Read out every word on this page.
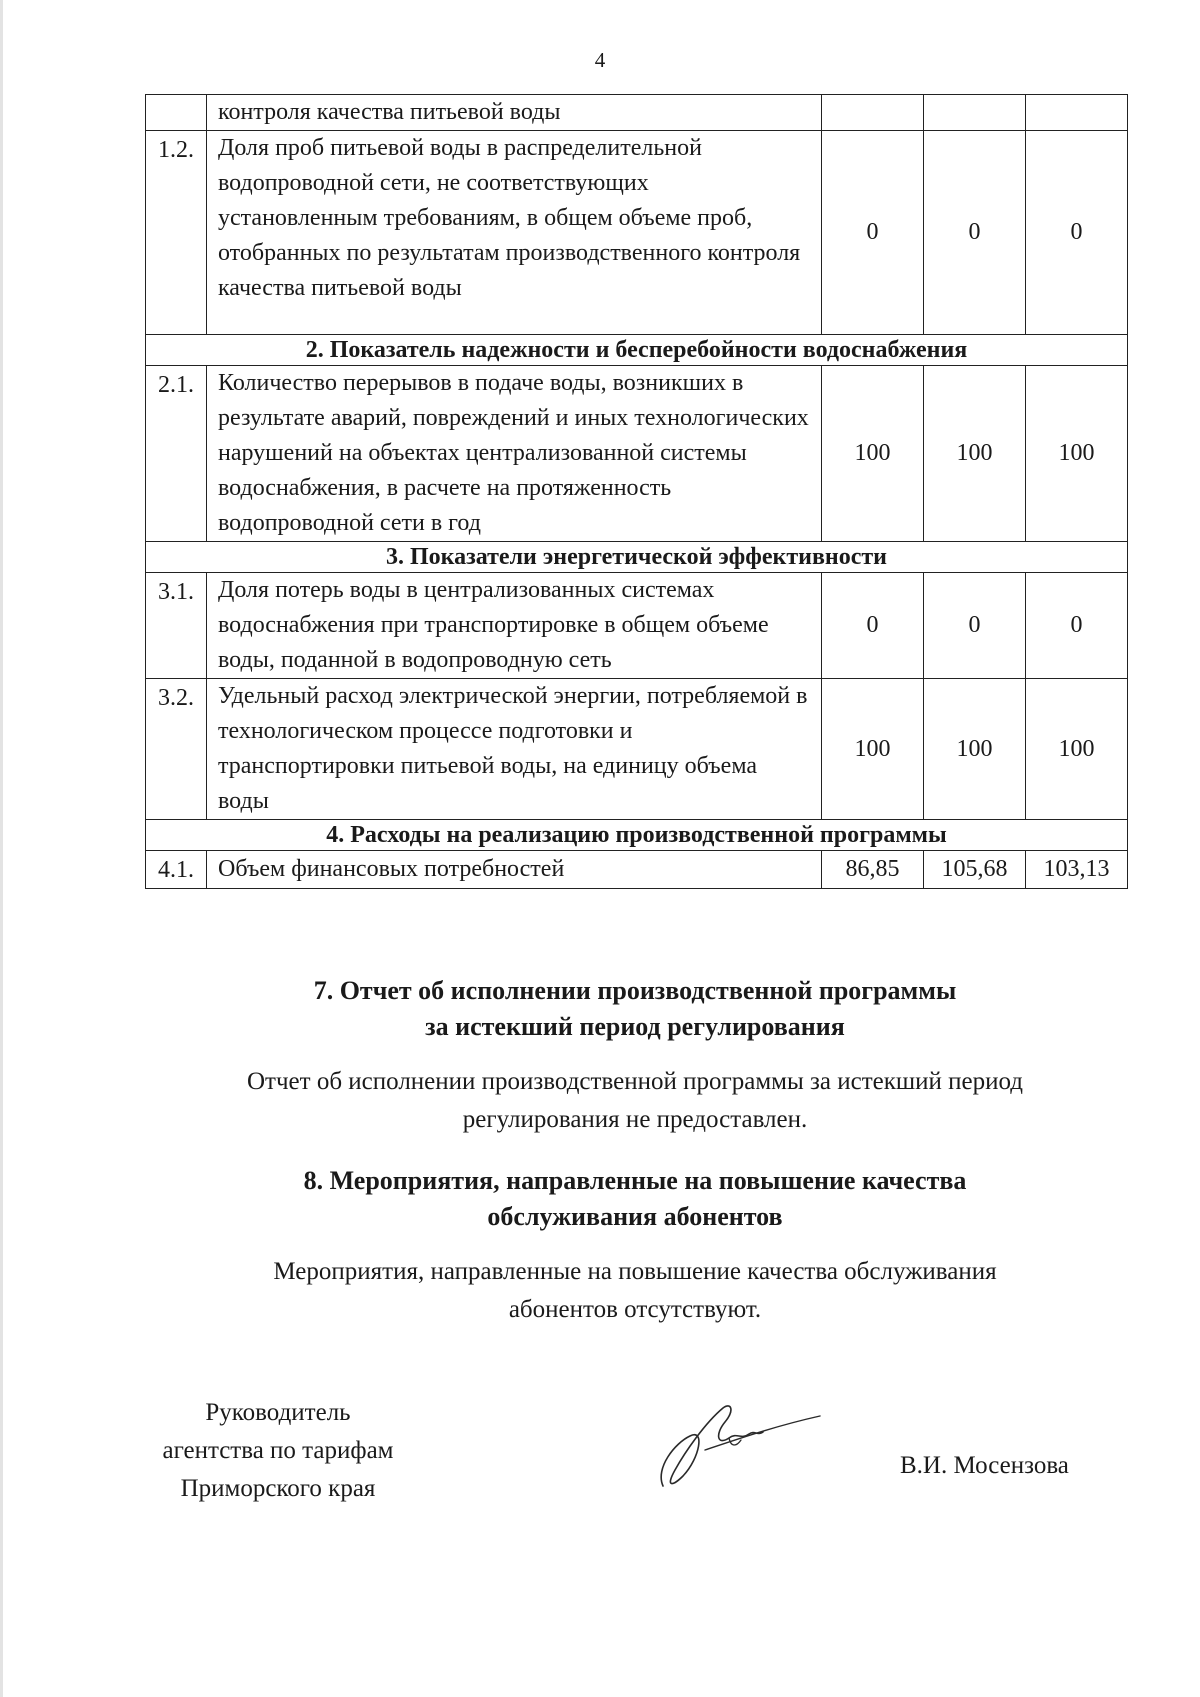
4
	контроля качества питьевой воды			
1.2.	Доля проб питьевой воды в распределительной водопроводной сети, не соответствующих установленным требованиям, в общем объеме проб, отобранных по результатам производственного контроля качества питьевой воды	0	0	0
2. Показатель надежности и бесперебойности водоснабжения				
2.1.	Количество перерывов в подаче воды, возникших в результате аварий, повреждений и иных технологических нарушений на объектах централизованной системы водоснабжения, в расчете на протяженность водопроводной сети в год	100	100	100
3. Показатели энергетической эффективности				
3.1.	Доля потерь воды в централизованных системах водоснабжения при транспортировке в общем объеме воды, поданной в водопроводную сеть	0	0	0
3.2.	Удельный расход электрической энергии, потребляемой в технологическом процессе подготовки и транспортировки питьевой воды, на единицу объема воды	100	100	100
4. Расходы на реализацию производственной программы				
4.1.	Объем финансовых потребностей	86,85	105,68	103,13
7. Отчет об исполнении производственной программы
за истекший период регулирования
Отчет об исполнении производственной программы за истекший период
регулирования не предоставлен.
8. Мероприятия, направленные на повышение качества
обслуживания абонентов
Мероприятия, направленные на повышение качества обслуживания
абонентов отсутствуют.
Руководитель
агентства по тарифам
Приморского края
В.И. Мосензова
